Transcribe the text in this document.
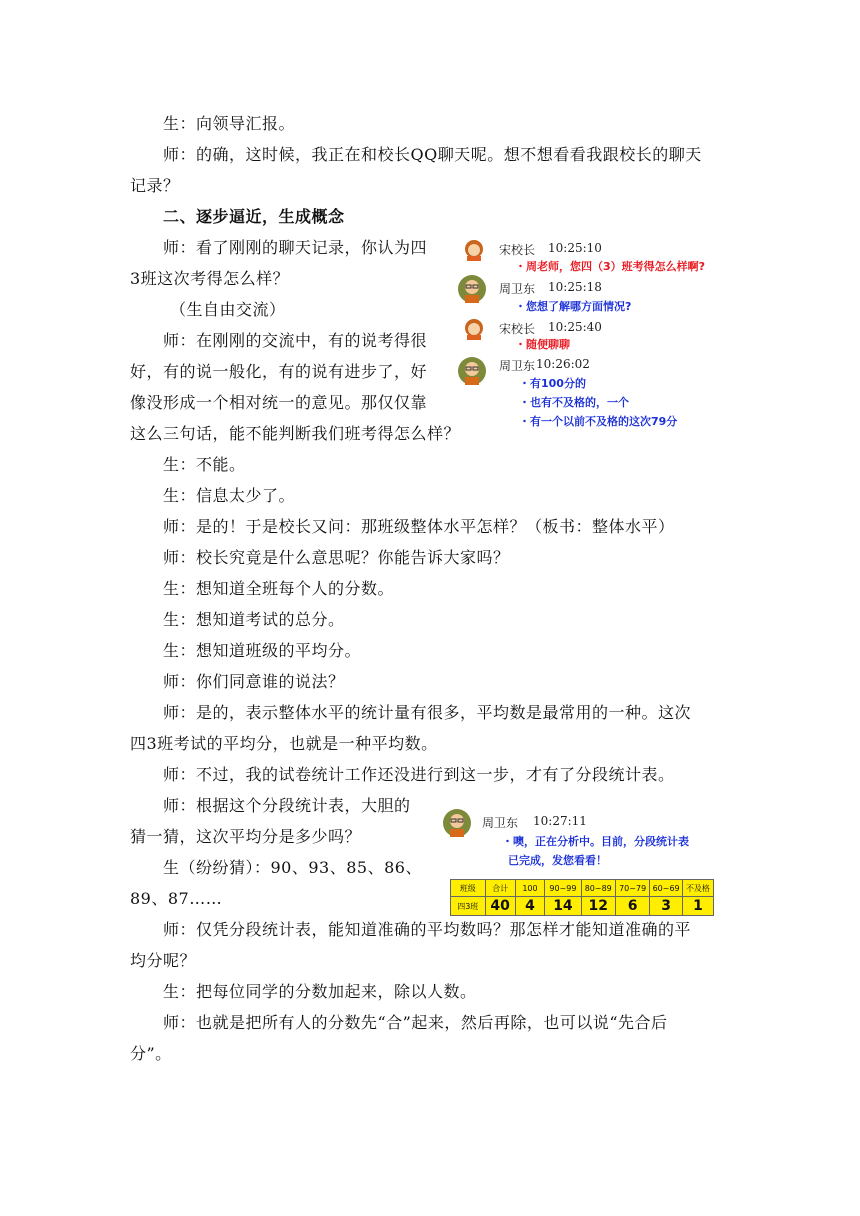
生：向领导汇报。
师：的确，这时候，我正在和校长QQ聊天呢。想不想看看我跟校长的聊天
记录？
二、逐步逼近，生成概念
师：看了刚刚的聊天记录，你认为四
3班这次考得怎么样？
（生自由交流）
师：在刚刚的交流中，有的说考得很
好，有的说一般化，有的说有进步了，好
像没形成一个相对统一的意见。那仅仅靠
这么三句话，能不能判断我们班考得怎么样？
生：不能。
生：信息太少了。
师：是的！于是校长又问：那班级整体水平怎样？（板书：整体水平）
师：校长究竟是什么意思呢？你能告诉大家吗？
生：想知道全班每个人的分数。
生：想知道考试的总分。
生：想知道班级的平均分。
师：你们同意谁的说法？
师：是的，表示整体水平的统计量有很多，平均数是最常用的一种。这次
四3班考试的平均分，也就是一种平均数。
师：不过，我的试卷统计工作还没进行到这一步，才有了分段统计表。
师：根据这个分段统计表，大胆的
猜一猜，这次平均分是多少吗？
生（纷纷猜）：90、93、85、86、
89、87……
师：仅凭分段统计表，能知道准确的平均数吗？那怎样才能知道准确的平
均分呢？
生：把每位同学的分数加起来，除以人数。
师：也就是把所有人的分数先“合”起来，然后再除，也可以说“先合后
分”。
宋校长 10:25:10
・周老师，您四（3）班考得怎么样啊?
周卫东 10:25:18
・您想了解哪方面情况?
宋校长 10:25:40
・随便聊聊
周卫东 10:26:02
・有100分的
・也有不及格的，一个
・有一个以前不及格的这次79分
周卫东 10:27:11
・噢，正在分析中。目前，分段统计表
已完成，发您看看！
班级	合计	100	90~99	80~89	70~79	60~69	不及格
四3班	40	4	14	12	6	3	1
